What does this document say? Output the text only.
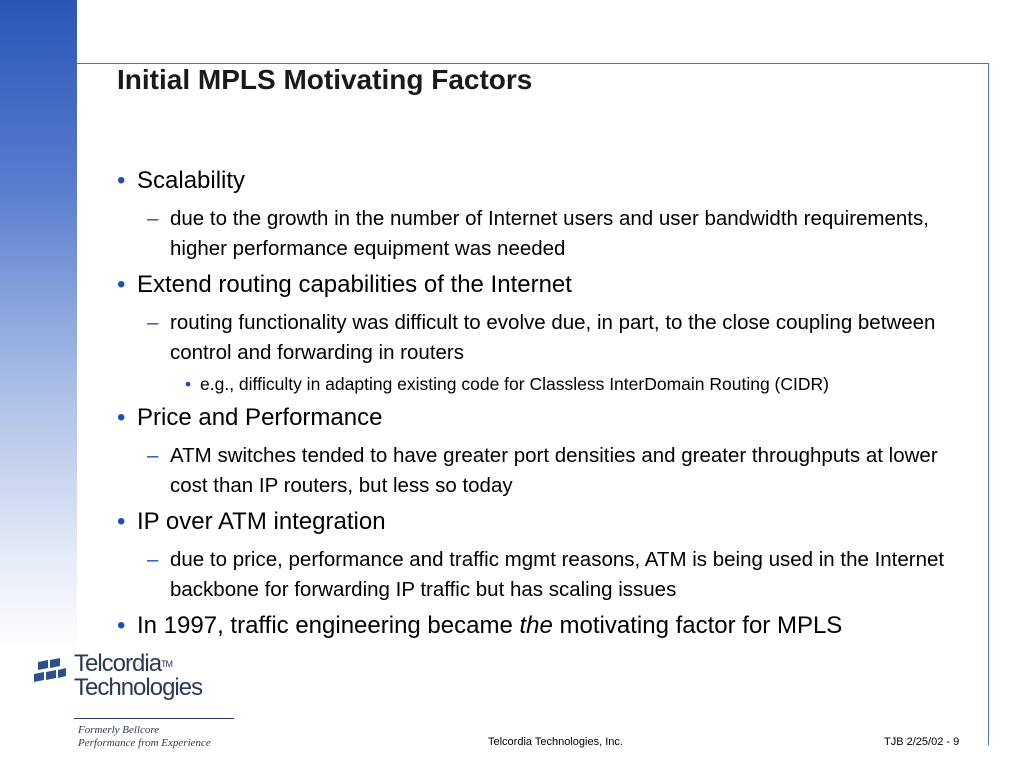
Initial MPLS Motivating Factors
• Scalability
– due to the growth in the number of Internet users and user bandwidth requirements, higher performance equipment was needed
• Extend routing capabilities of the Internet
– routing functionality was difficult to evolve due, in part, to the close coupling between control and forwarding in routers
• e.g., difficulty in adapting existing code for Classless InterDomain Routing (CIDR)
• Price and Performance
– ATM switches tended to have greater port densities and greater throughputs at lower cost than IP routers, but less so today
• IP over ATM integration
– due to price, performance and traffic mgmt reasons, ATM is being used in the Internet backbone for forwarding IP traffic but has scaling issues
• In 1997, traffic engineering became the motivating factor for MPLS
Telcordia™
Technologies
Formerly Bellcore
Performance from Experience	Telcordia Technologies, Inc.	TJB 2/25/02 - 9
